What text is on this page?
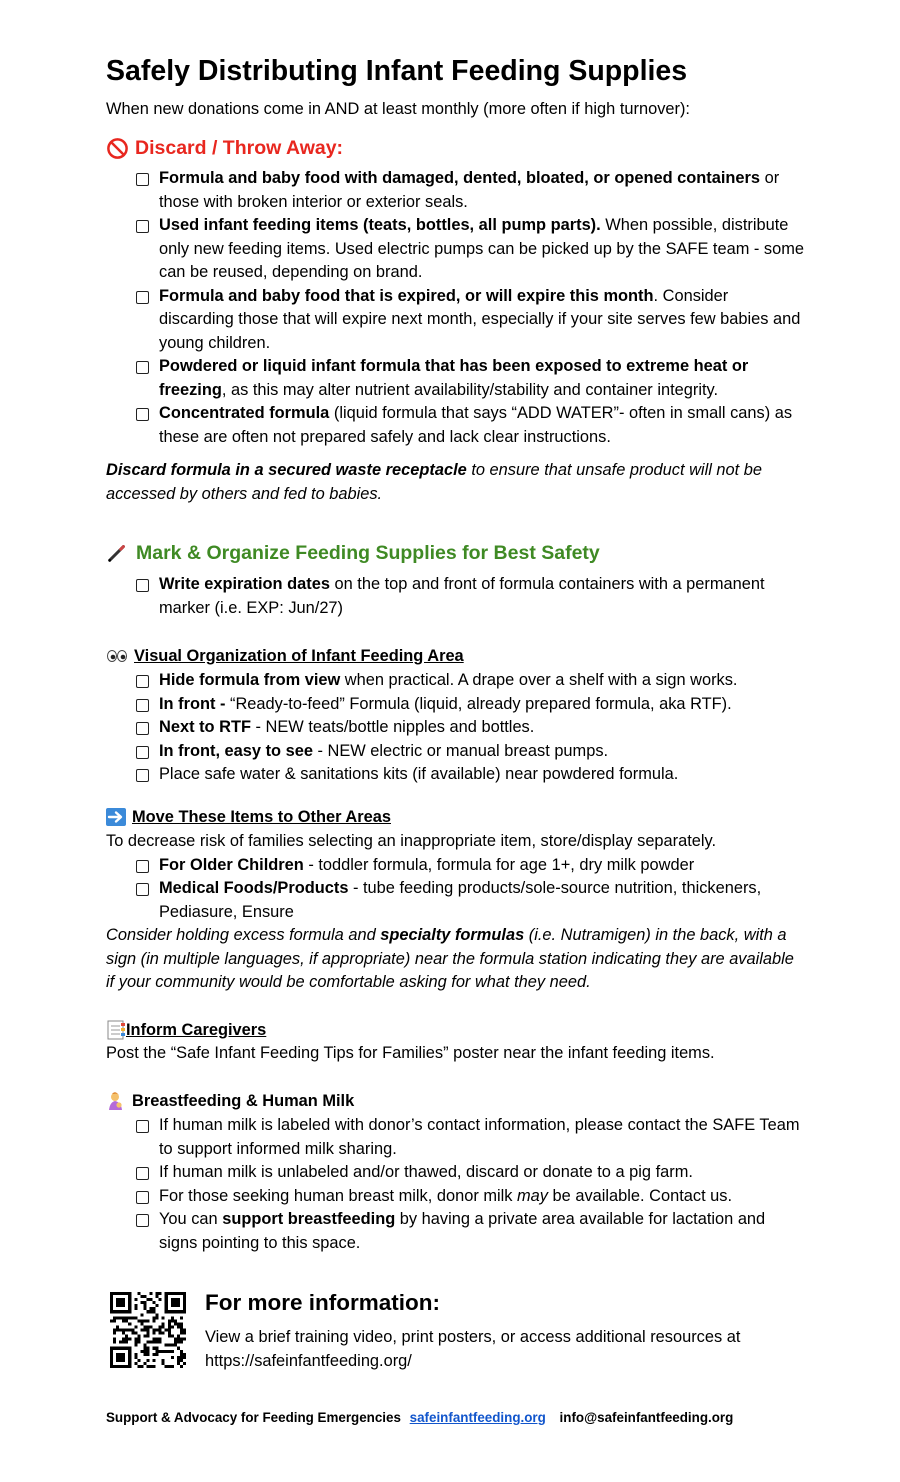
Safely Distributing Infant Feeding Supplies

When new donations come in AND at least monthly (more often if high turnover):

Discard / Throw Away:
Formula and baby food with damaged, dented, bloated, or opened containers or those with broken interior or exterior seals.
Used infant feeding items (teats, bottles, all pump parts). When possible, distribute only new feeding items. Used electric pumps can be picked up by the SAFE team - some can be reused, depending on brand.
Formula and baby food that is expired, or will expire this month. Consider discarding those that will expire next month, especially if your site serves few babies and young children.
Powdered or liquid infant formula that has been exposed to extreme heat or freezing, as this may alter nutrient availability/stability and container integrity.
Concentrated formula (liquid formula that says “ADD WATER”- often in small cans) as these are often not prepared safely and lack clear instructions.

Discard formula in a secured waste receptacle to ensure that unsafe product will not be accessed by others and fed to babies.

Mark & Organize Feeding Supplies for Best Safety
Write expiration dates on the top and front of formula containers with a permanent marker (i.e. EXP: Jun/27)
Visual Organization of Infant Feeding Area
Hide formula from view when practical. A drape over a shelf with a sign works.
In front - “Ready-to-feed” Formula (liquid, already prepared formula, aka RTF).
Next to RTF - NEW teats/bottle nipples and bottles.
In front, easy to see - NEW electric or manual breast pumps.
Place safe water & sanitations kits (if available) near powdered formula.
Move These Items to Other Areas
To decrease risk of families selecting an inappropriate item, store/display separately.
For Older Children - toddler formula, formula for age 1+, dry milk powder
Medical Foods/Products - tube feeding products/sole-source nutrition, thickeners, Pediasure, Ensure

Consider holding excess formula and specialty formulas (i.e. Nutramigen) in the back, with a sign (in multiple languages, if appropriate) near the formula station indicating they are available if your community would be comfortable asking for what they need.

Inform Caregivers
Post the “Safe Infant Feeding Tips for Families” poster near the infant feeding items.
Breastfeeding & Human Milk
If human milk is labeled with donor’s contact information, please contact the SAFE Team to support informed milk sharing.
If human milk is unlabeled and/or thawed, discard or donate to a pig farm.
For those seeking human breast milk, donor milk may be available. Contact us.
You can support breastfeeding by having a private area available for lactation and signs pointing to this space.
For more information:
View a brief training video, print posters, or access additional resources at https://safeinfantfeeding.org/
Support & Advocacy for Feeding Emergencies safeinfantfeeding.org info@safeinfantfeeding.org
